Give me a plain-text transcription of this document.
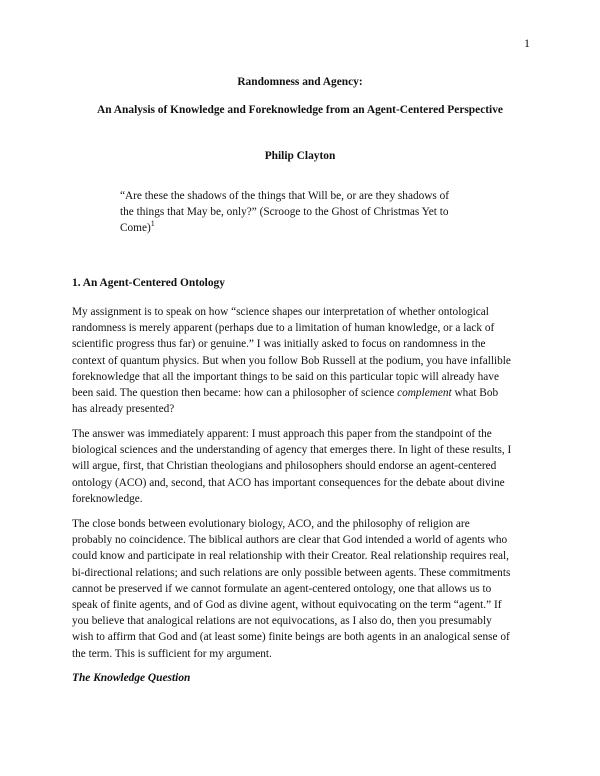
1
Randomness and Agency:
An Analysis of Knowledge and Foreknowledge from an Agent-Centered Perspective
Philip Clayton
“Are these the shadows of the things that Will be, or are they shadows of
the things that May be, only?” (Scrooge to the Ghost of Christmas Yet to
Come)$^1$
1. An Agent-Centered Ontology
My assignment is to speak on how “science shapes our interpretation of whether ontological
randomness is merely apparent (perhaps due to a limitation of human knowledge, or a lack of
scientific progress thus far) or genuine.” I was initially asked to focus on randomness in the
context of quantum physics. But when you follow Bob Russell at the podium, you have infallible
foreknowledge that all the important things to be said on this particular topic will already have
been said. The question then became: how can a philosopher of science complement what Bob
has already presented?
The answer was immediately apparent: I must approach this paper from the standpoint of the
biological sciences and the understanding of agency that emerges there. In light of these results, I
will argue, first, that Christian theologians and philosophers should endorse an agent-centered
ontology (ACO) and, second, that ACO has important consequences for the debate about divine
foreknowledge.
The close bonds between evolutionary biology, ACO, and the philosophy of religion are
probably no coincidence. The biblical authors are clear that God intended a world of agents who
could know and participate in real relationship with their Creator. Real relationship requires real,
bi-directional relations; and such relations are only possible between agents. These commitments
cannot be preserved if we cannot formulate an agent-centered ontology, one that allows us to
speak of finite agents, and of God as divine agent, without equivocating on the term “agent.” If
you believe that analogical relations are not equivocations, as I also do, then you presumably
wish to affirm that God and (at least some) finite beings are both agents in an analogical sense of
the term. This is sufficient for my argument.
The Knowledge Question
